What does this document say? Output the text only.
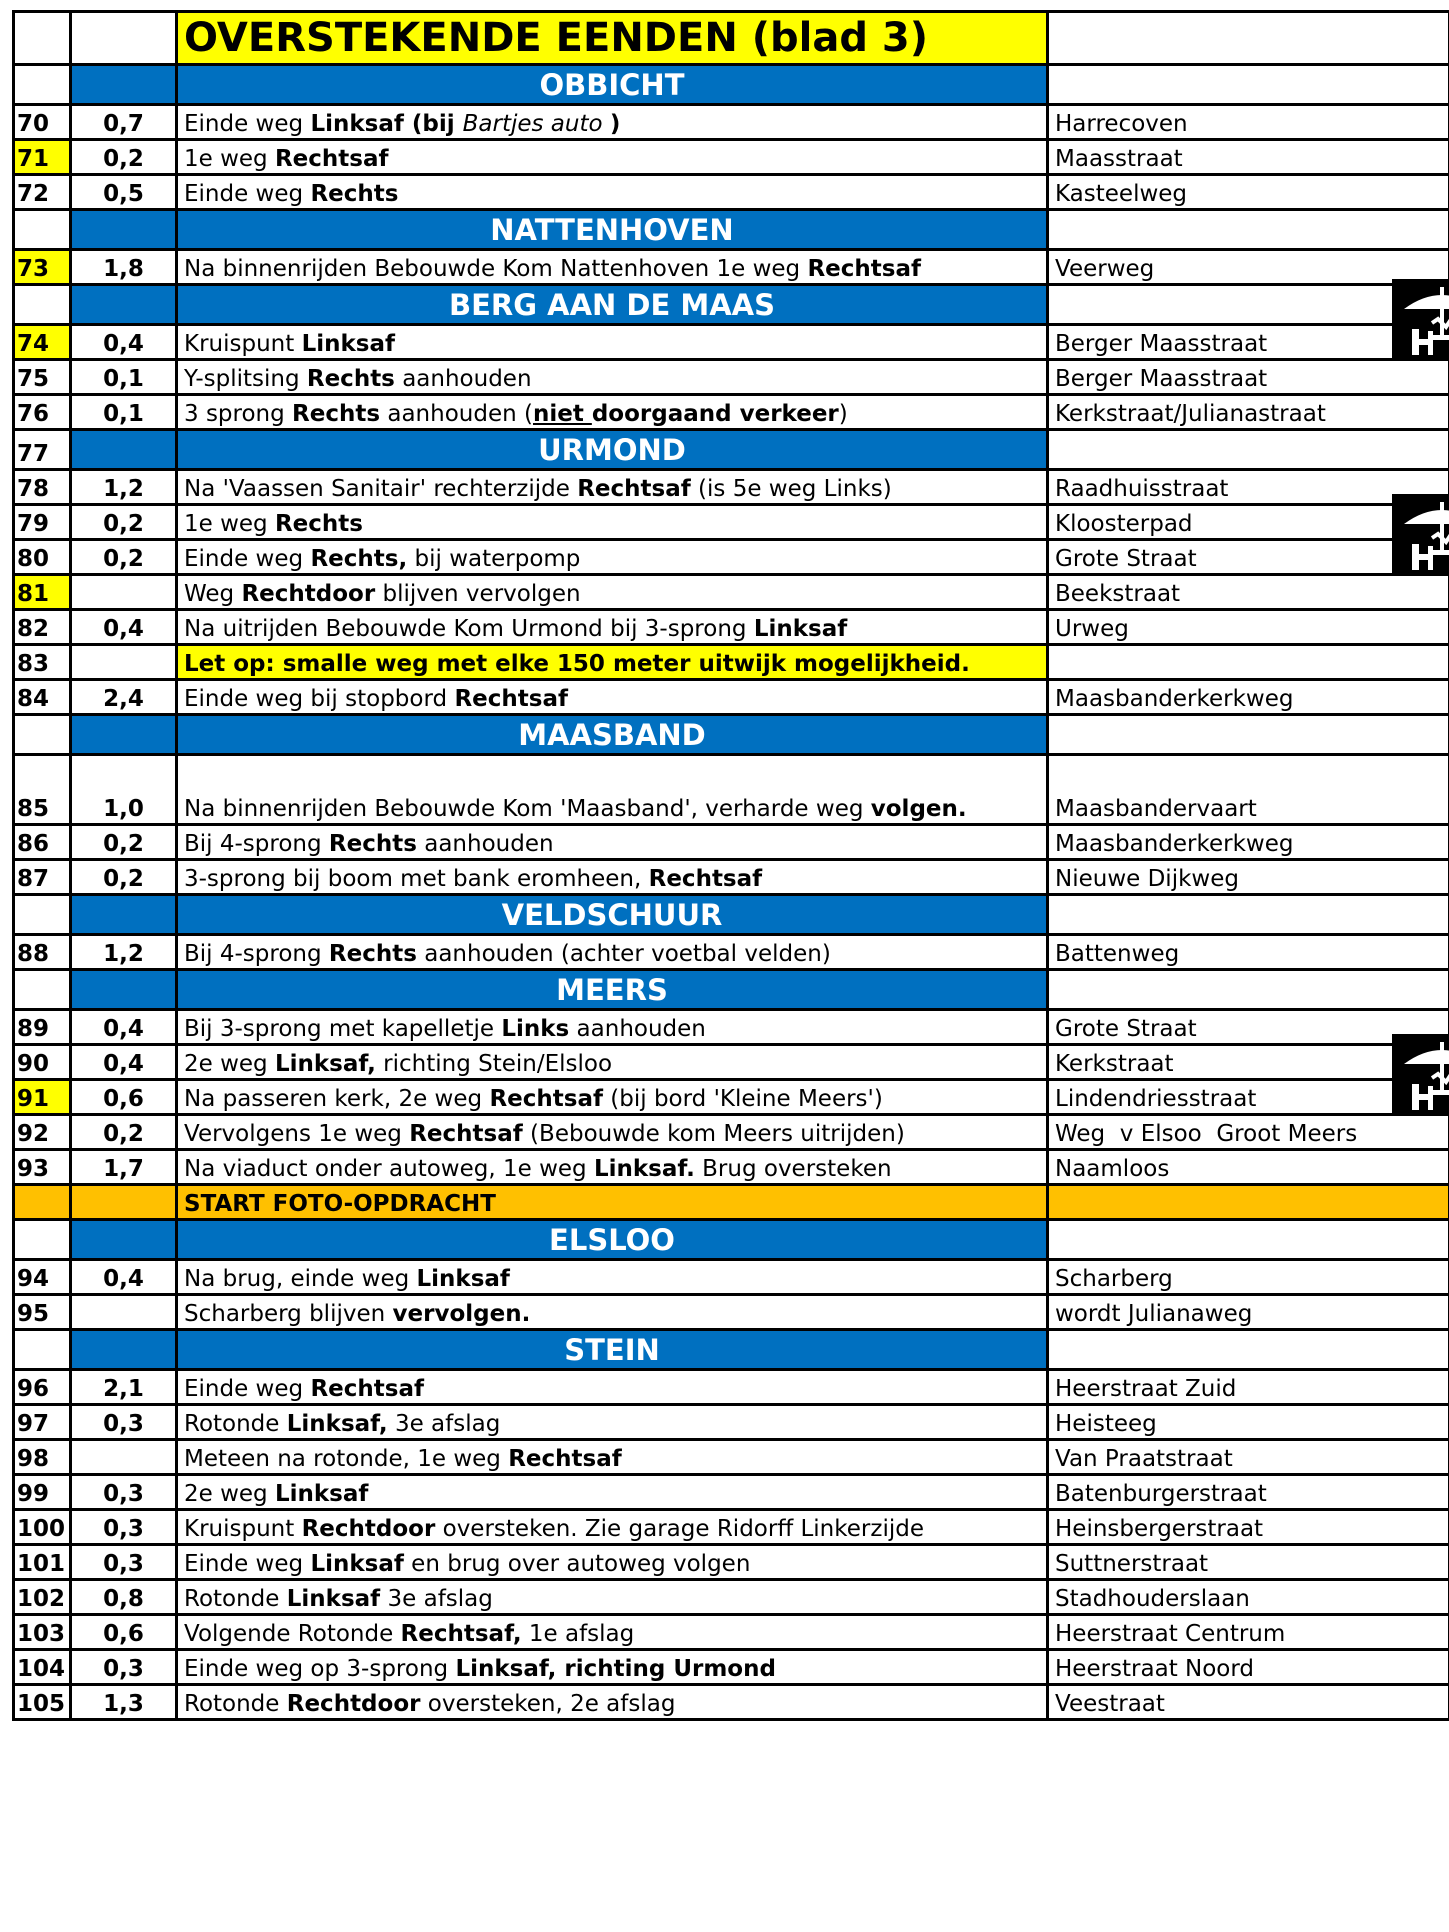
		OVERSTEKENDE EENDEN (blad 3)	
		OBBICHT	
70	0,7	Einde weg Linksaf (bij Bartjes auto )	Harrecoven
71	0,2	1e weg Rechtsaf	Maasstraat
72	0,5	Einde weg Rechts	Kasteelweg
		NATTENHOVEN	
73	1,8	Na binnenrijden Bebouwde Kom Nattenhoven 1e weg Rechtsaf	Veerweg
		BERG AAN DE MAAS	
74	0,4	Kruispunt Linksaf	Berger Maasstraat

75	0,1	Y-splitsing Rechts aanhouden	Berger Maasstraat
76	0,1	3 sprong Rechts aanhouden (niet doorgaand verkeer)	Kerkstraat/Julianastraat
77		URMOND	
78	1,2	Na 'Vaassen Sanitair' rechterzijde Rechtsaf (is 5e weg Links)	Raadhuisstraat
79	0,2	1e weg Rechts	Kloosterpad
80	0,2	Einde weg Rechts, bij waterpomp	Grote Straat

81		Weg Rechtdoor blijven vervolgen	Beekstraat
82	0,4	Na uitrijden Bebouwde Kom Urmond bij 3-sprong Linksaf	Urweg
83		Let op: smalle weg met elke 150 meter uitwijk mogelijkheid.	
84	2,4	Einde weg bij stopbord Rechtsaf	Maasbanderkerkweg
		MAASBAND	
85	1,0	Na binnenrijden Bebouwde Kom 'Maasband', verharde weg volgen.	Maasbandervaart
86	0,2	Bij 4-sprong Rechts aanhouden	Maasbanderkerkweg
87	0,2	3-sprong bij boom met bank eromheen, Rechtsaf	Nieuwe Dijkweg
		VELDSCHUUR	
88	1,2	Bij 4-sprong Rechts aanhouden (achter voetbal velden)	Battenweg
		MEERS	
89	0,4	Bij 3-sprong met kapelletje Links aanhouden	Grote Straat
90	0,4	2e weg Linksaf, richting Stein/Elsloo	Kerkstraat
91	0,6	Na passeren kerk, 2e weg Rechtsaf (bij bord 'Kleine Meers')	Lindendriesstraat

92	0,2	Vervolgens 1e weg Rechtsaf (Bebouwde kom Meers uitrijden)	Weg  v Elsoo  Groot Meers
93	1,7	Na viaduct onder autoweg, 1e weg Linksaf. Brug oversteken	Naamloos
		START FOTO-OPDRACHT	
		ELSLOO	
94	0,4	Na brug, einde weg Linksaf	Scharberg
95		Scharberg blijven vervolgen.	wordt Julianaweg
		STEIN	
96	2,1	Einde weg Rechtsaf	Heerstraat Zuid
97	0,3	Rotonde Linksaf, 3e afslag	Heisteeg
98		Meteen na rotonde, 1e weg Rechtsaf	Van Praatstraat
99	0,3	2e weg Linksaf	Batenburgerstraat
100	0,3	Kruispunt Rechtdoor oversteken. Zie garage Ridorff Linkerzijde	Heinsbergerstraat
101	0,3	Einde weg Linksaf en brug over autoweg volgen	Suttnerstraat
102	0,8	Rotonde Linksaf 3e afslag	Stadhouderslaan
103	0,6	Volgende Rotonde Rechtsaf, 1e afslag	Heerstraat Centrum
104	0,3	Einde weg op 3-sprong Linksaf, richting Urmond	Heerstraat Noord
105	1,3	Rotonde Rechtdoor oversteken, 2e afslag	Veestraat
